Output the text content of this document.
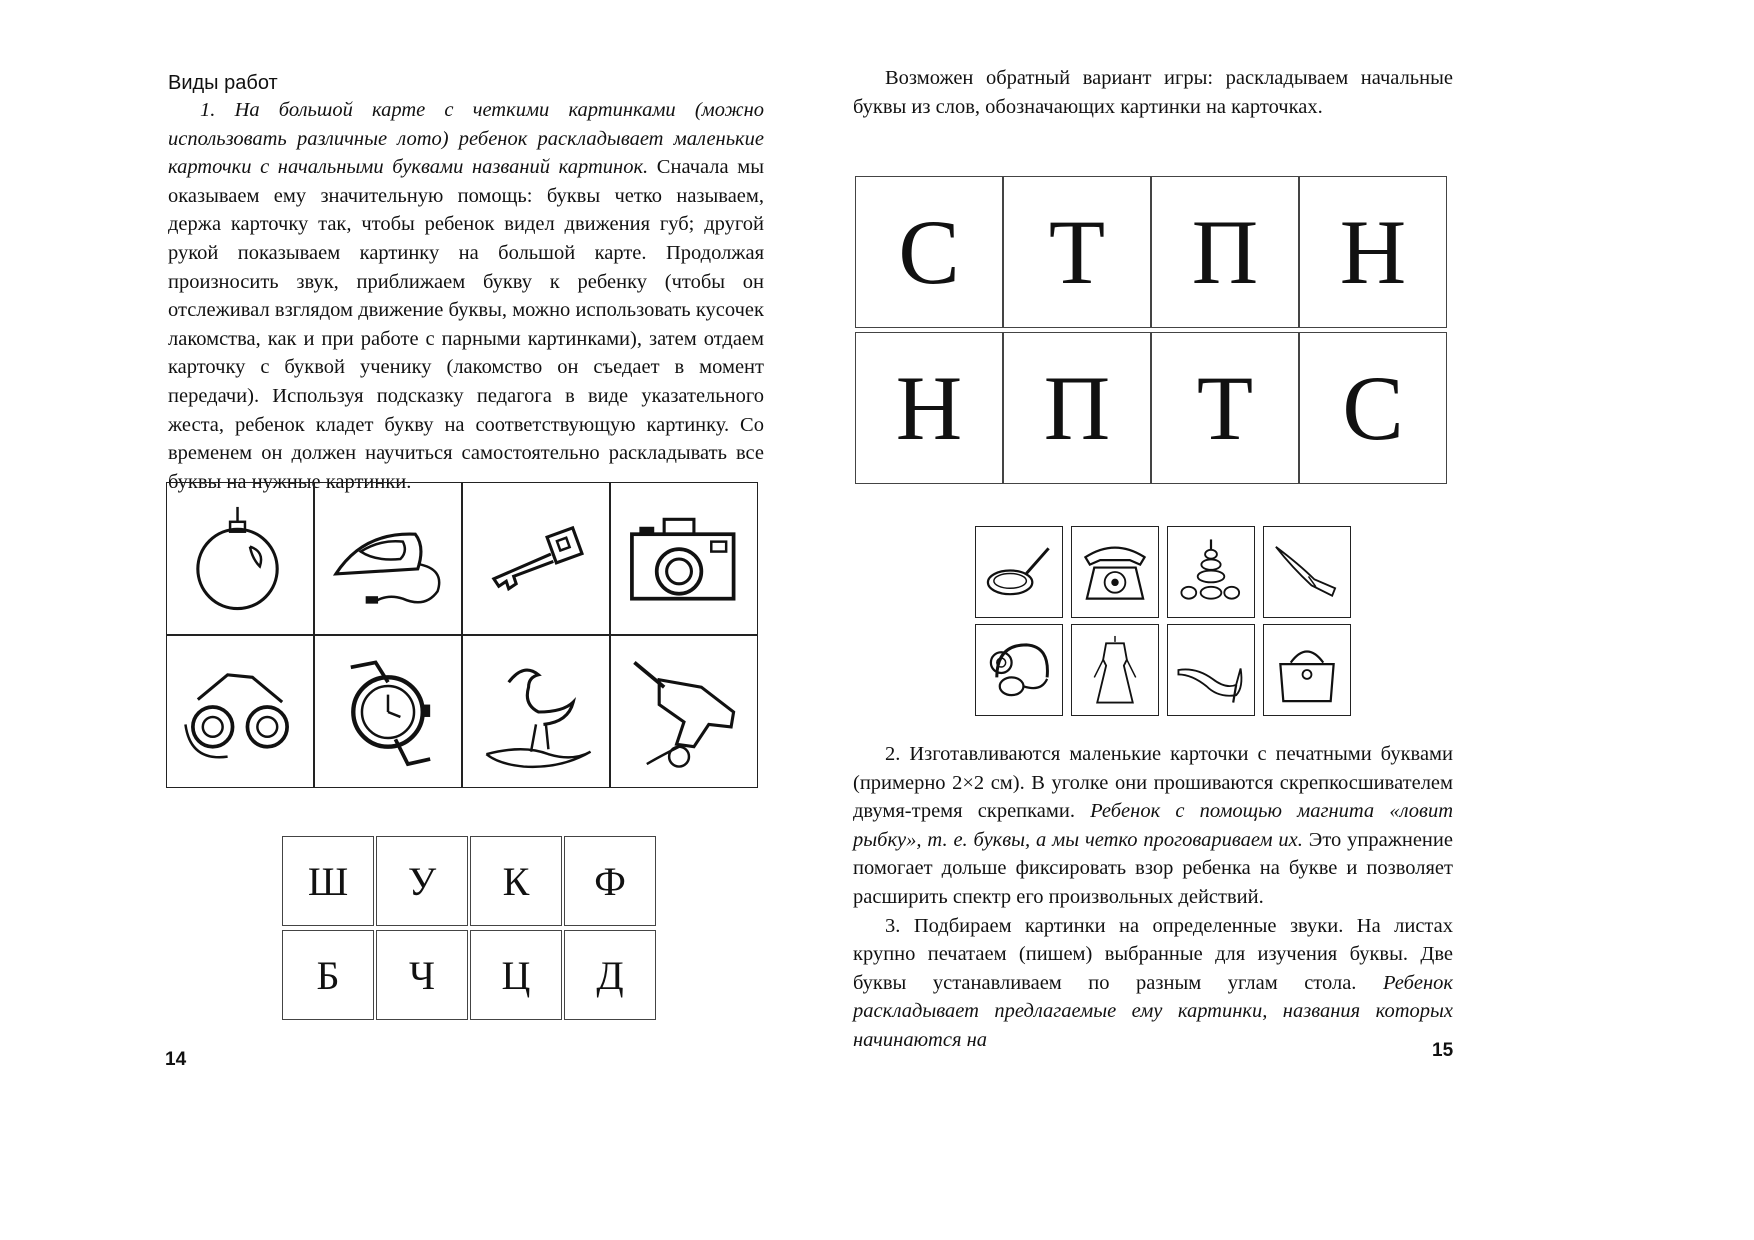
Виды работ

1. На большой карте с четкими картинками (можно использовать различные лото) ребенок раскладывает маленькие карточки с начальными буквами названий картинок. Сначала мы оказываем ему значительную помощь: буквы четко называем, держа карточку так, чтобы ребенок видел движения губ; другой рукой показываем картинку на большой карте. Продолжая произносить звук, приближаем букву к ребенку (чтобы он отслеживал взглядом движение буквы, можно использовать кусочек лакомства, как и при работе с парными картинками), затем отдаем карточку с буквой ученику (лакомство он съедает в момент передачи). Используя подсказку педагога в виде указательного жеста, ребенок кладет букву на соответствующую картинку. Со временем он должен научиться самостоятельно раскладывать все буквы на нужные картинки.

Ш У К Ф
Б Ч Ц Д
14

Возможен обратный вариант игры: раскладываем начальные буквы из слов, обозначающих картинки на карточках.

С Т П Н
Н П Т С

2. Изготавливаются маленькие карточки с печатными буквами (примерно 2×2 см). В уголке они прошиваются скрепкосшивателем двумя-тремя скрепками. Ребенок с помощью магнита «ловит рыбку», т. е. буквы, а мы четко проговариваем их. Это упражнение помогает дольше фиксировать взор ребенка на букве и позволяет расширить спектр его произвольных действий.

3. Подбираем картинки на определенные звуки. На листах крупно печатаем (пишем) выбранные для изучения буквы. Две буквы устанавливаем по разным углам стола. Ребенок раскладывает предлагаемые ему картинки, названия которых начинаются на	15
